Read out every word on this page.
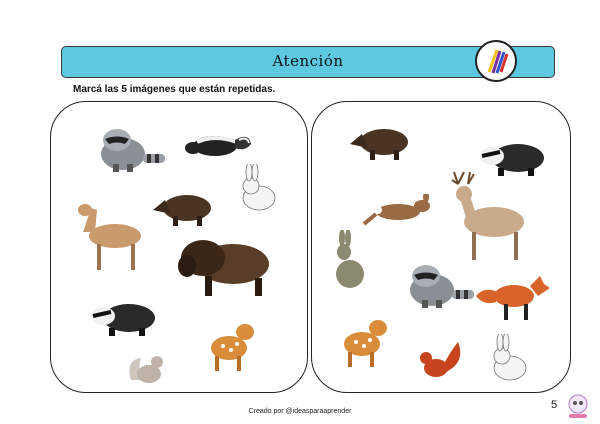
Atención
Marcá las 5 imágenes que están repetidas.
Creado por @ideasparaaprender
5
